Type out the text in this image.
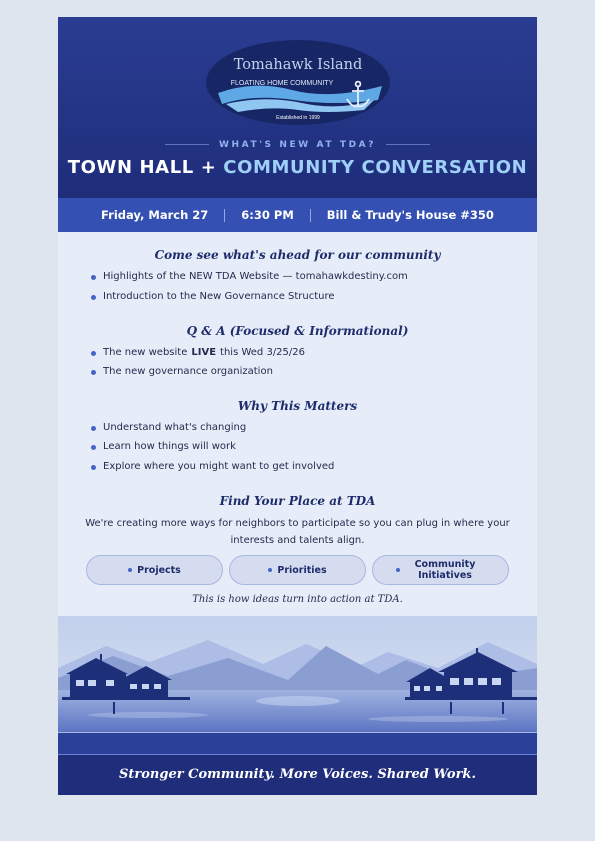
Tomahawk Island
FLOATING HOME COMMUNITY
Established in 1999
WHAT'S NEW AT TDA?
TOWN HALL + COMMUNITY CONVERSATION
Friday, March 27	6:30 PM	Bill & Trudy's House #350
Come see what's ahead for our community
Highlights of the NEW TDA Website — tomahawkdestiny.com
Introduction to the New Governance Structure
Q & A (Focused & Informational)
The new website LIVE this Wed 3/25/26
The new governance organization
Why This Matters
Understand what's changing
Learn how things will work
Explore where you might want to get involved
Find Your Place at TDA
We're creating more ways for neighbors to participate so you can plug in where your interests and talents align.
Projects	Priorities	Community Initiatives
This is how ideas turn into action at TDA.
Stronger Community. More Voices. Shared Work.
